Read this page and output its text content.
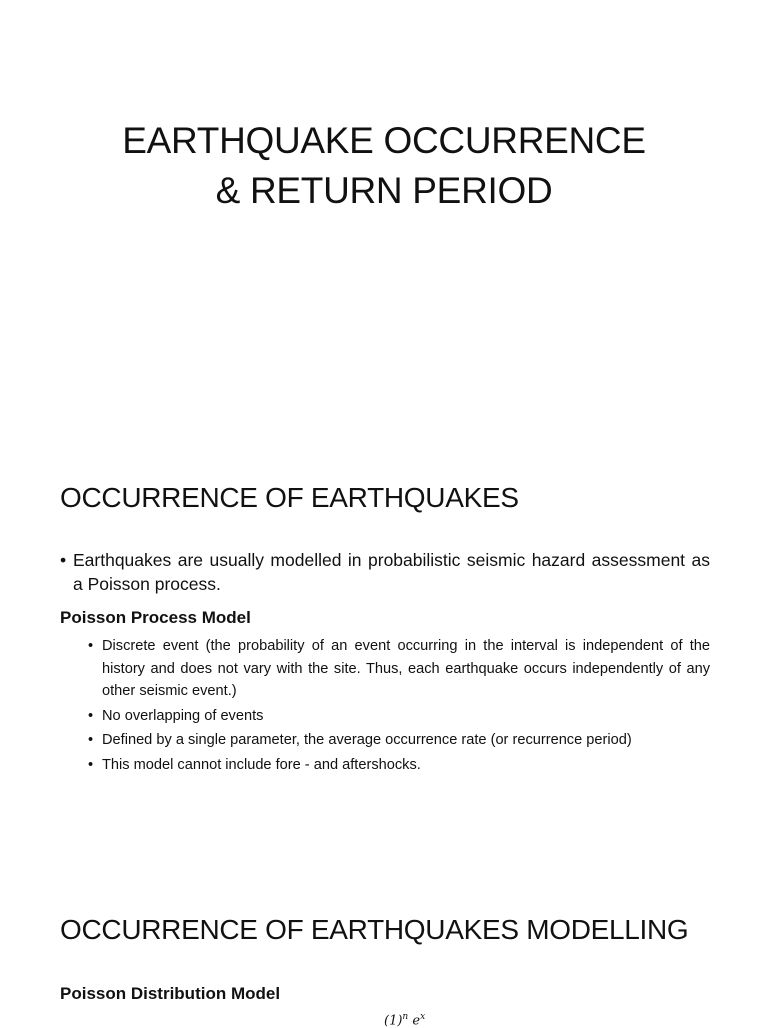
EARTHQUAKE OCCURRENCE
& RETURN PERIOD
OCCURRENCE OF EARTHQUAKES
• Earthquakes are usually modelled in probabilistic seismic hazard assessment as a Poisson process.
Poisson Process Model
• Discrete event (the probability of an event occurring in the interval is independent of the history and does not vary with the site. Thus, each earthquake occurs independently of any other seismic event.)
• No overlapping of events
• Defined by a single parameter, the average occurrence rate (or recurrence period)
• This model cannot include fore - and aftershocks.
OCCURRENCE OF EARTHQUAKES MODELLING
Poisson Distribution Model
$(1)^n$ $e^x$
